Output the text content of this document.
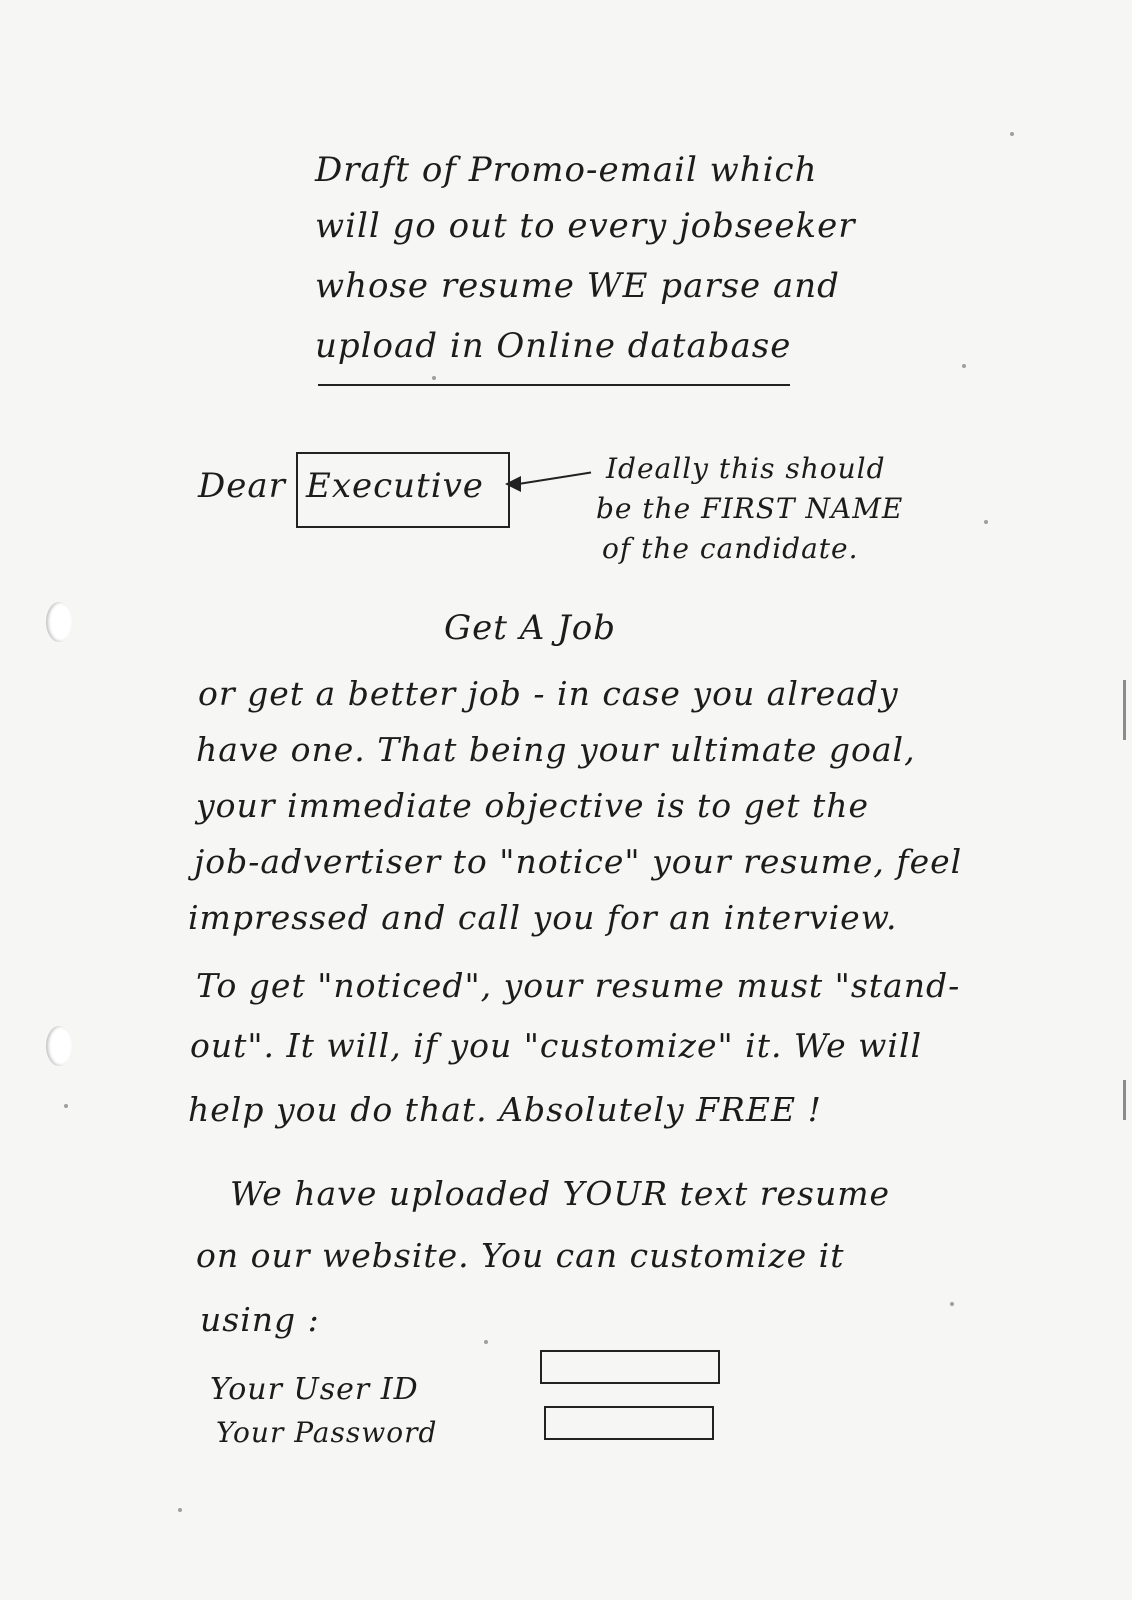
Draft of Promo-email which
will go out to every jobseeker
whose resume WE parse and
upload in Online database
Dear Executive	Ideally this should
be the FIRST NAME
of the candidate.
Get A Job
or get a better job - in case you already
have one. That being your ultimate goal,
your immediate objective is to get the
job-advertiser to "notice" your resume, feel
impressed and call you for an interview.
To get "noticed", your resume must "stand-
out". It will, if you "customize" it. We will
help you do that. Absolutely FREE !
We have uploaded YOUR text resume
on our website. You can customize it
using :
Your User ID
Your Password
